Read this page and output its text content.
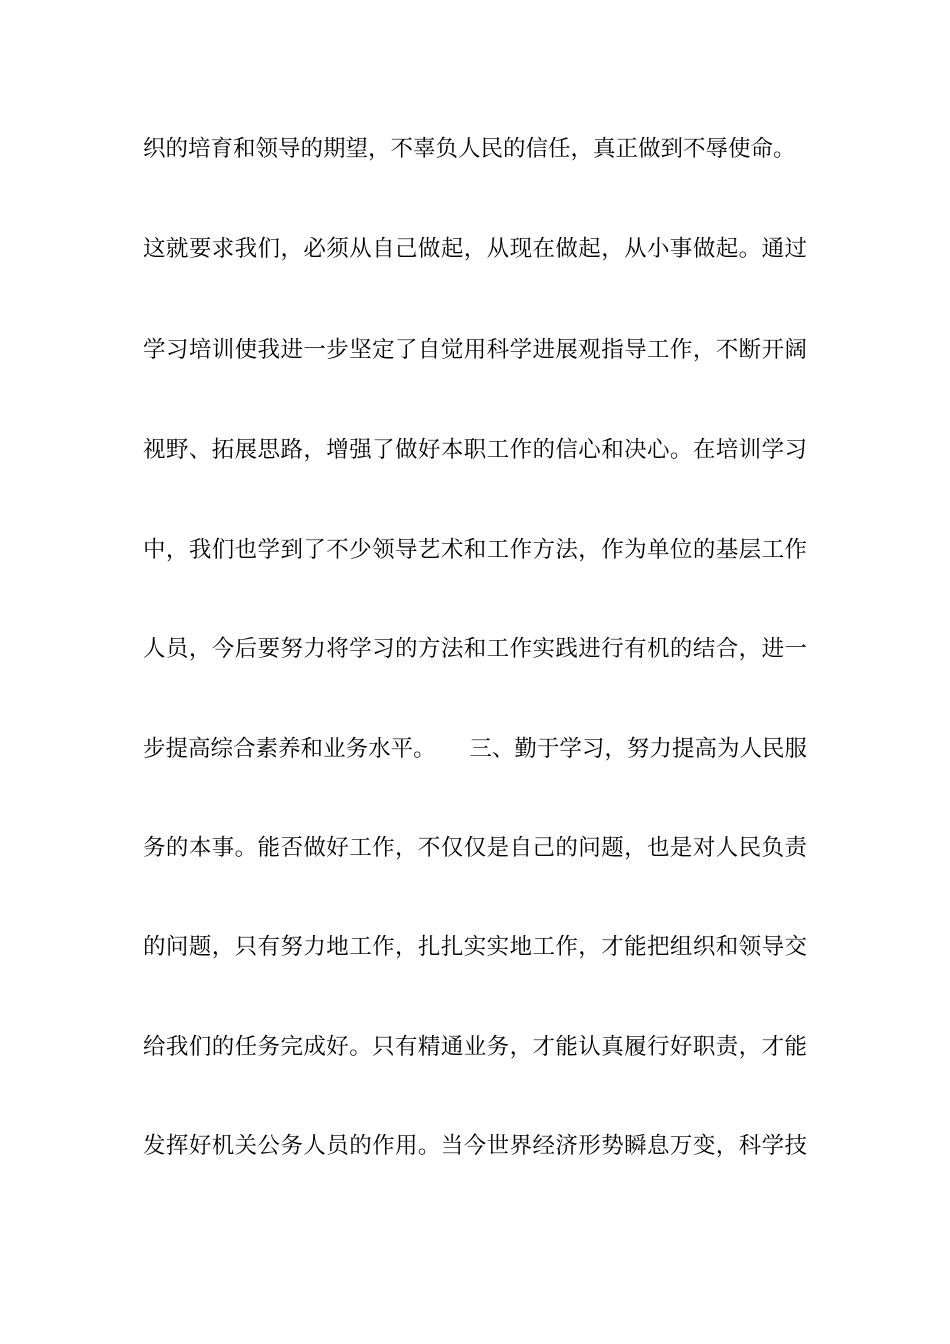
织的培育和领导的期望，不辜负人民的信任，真正做到不辱使命。
这就要求我们，必须从自己做起，从现在做起，从小事做起。通过
学习培训使我进一步坚定了自觉用科学进展观指导工作，不断开阔
视野、拓展思路，增强了做好本职工作的信心和决心。在培训学习
中，我们也学到了不少领导艺术和工作方法，作为单位的基层工作
人员，今后要努力将学习的方法和工作实践进行有机的结合，进一
步提高综合素养和业务水平。　　三、勤于学习，努力提高为人民服
务的本事。能否做好工作，不仅仅是自己的问题，也是对人民负责
的问题，只有努力地工作，扎扎实实地工作，才能把组织和领导交
给我们的任务完成好。只有精通业务，才能认真履行好职责，才能
发挥好机关公务人员的作用。当今世界经济形势瞬息万变，科学技
